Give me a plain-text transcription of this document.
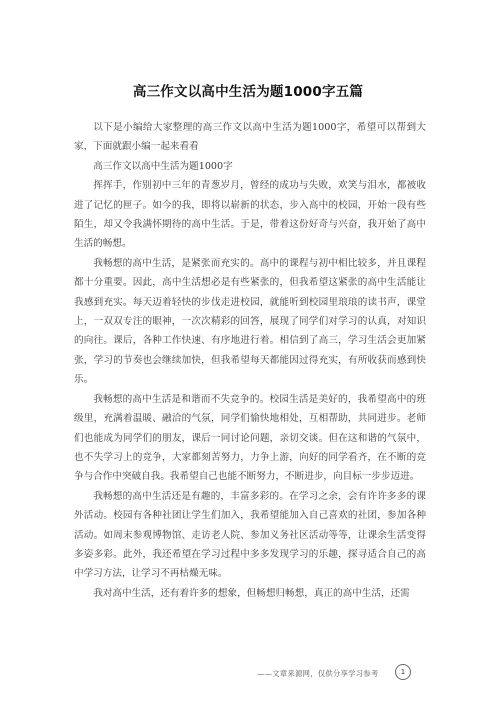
高三作文以高中生活为题1000字五篇

以下是小编给大家整理的高三作文以高中生活为题1000字，希望可以帮到大家，下面就跟小编一起来看看

高三作文以高中生活为题1000字

挥挥手，作别初中三年的青葱岁月，曾经的成功与失败，欢笑与泪水，都被收进了记忆的匣子。如今的我，即将以崭新的状态，步入高中的校园，开始一段有些陌生，却又令我满怀期待的高中生活。于是，带着这份好奇与兴奋，我开始了高中生活的畅想。

我畅想的高中生活，是紧张而充实的。高中的课程与初中相比较多，并且课程都十分重要。因此，高中生活想必是有些紧张的，但我希望这紧张的高中生活能让我感到充实。每天迈着轻快的步伐走进校园，就能听到校园里琅琅的读书声，课堂上，一双双专注的眼神，一次次精彩的回答，展现了同学们对学习的认真，对知识的向往。课后，各种工作快速、有序地进行着。相信到了高三，学习生活会更加紧张，学习的节奏也会继续加快，但我希望每天都能因过得充实，有所收获而感到快乐。

我畅想的高中生活是和谐而不失竞争的。校园生活是美好的，我希望高中的班级里，充满着温暖、融洽的气氛，同学们愉快地相处，互相帮助，共同进步。老师们也能成为同学们的朋友，课后一同讨论问题，亲切交谈。但在这和谐的气氛中，也不失学习上的竞争，大家都刻苦努力，力争上游，向好的同学看齐，在不断的竞争与合作中突破自我。我希望自己也能不断努力，不断进步，向目标一步步迈进。

我畅想的高中生活还是有趣的，丰富多彩的。在学习之余，会有许许多多的课外活动。校园有各种社团让学生们加入，我希望能加入自己喜欢的社团，参加各种活动。如周末参观博物馆、走访老人院、参加义务社区活动等等，让课余生活变得多姿多彩。此外，我还希望在学习过程中多多发现学习的乐趣，探寻适合自己的高中学习方法，让学习不再枯燥无味。

我对高中生活，还有着许多的想象，但畅想归畅想，真正的高中生活，还需

——文章来源网，仅供分享学习参考	1
